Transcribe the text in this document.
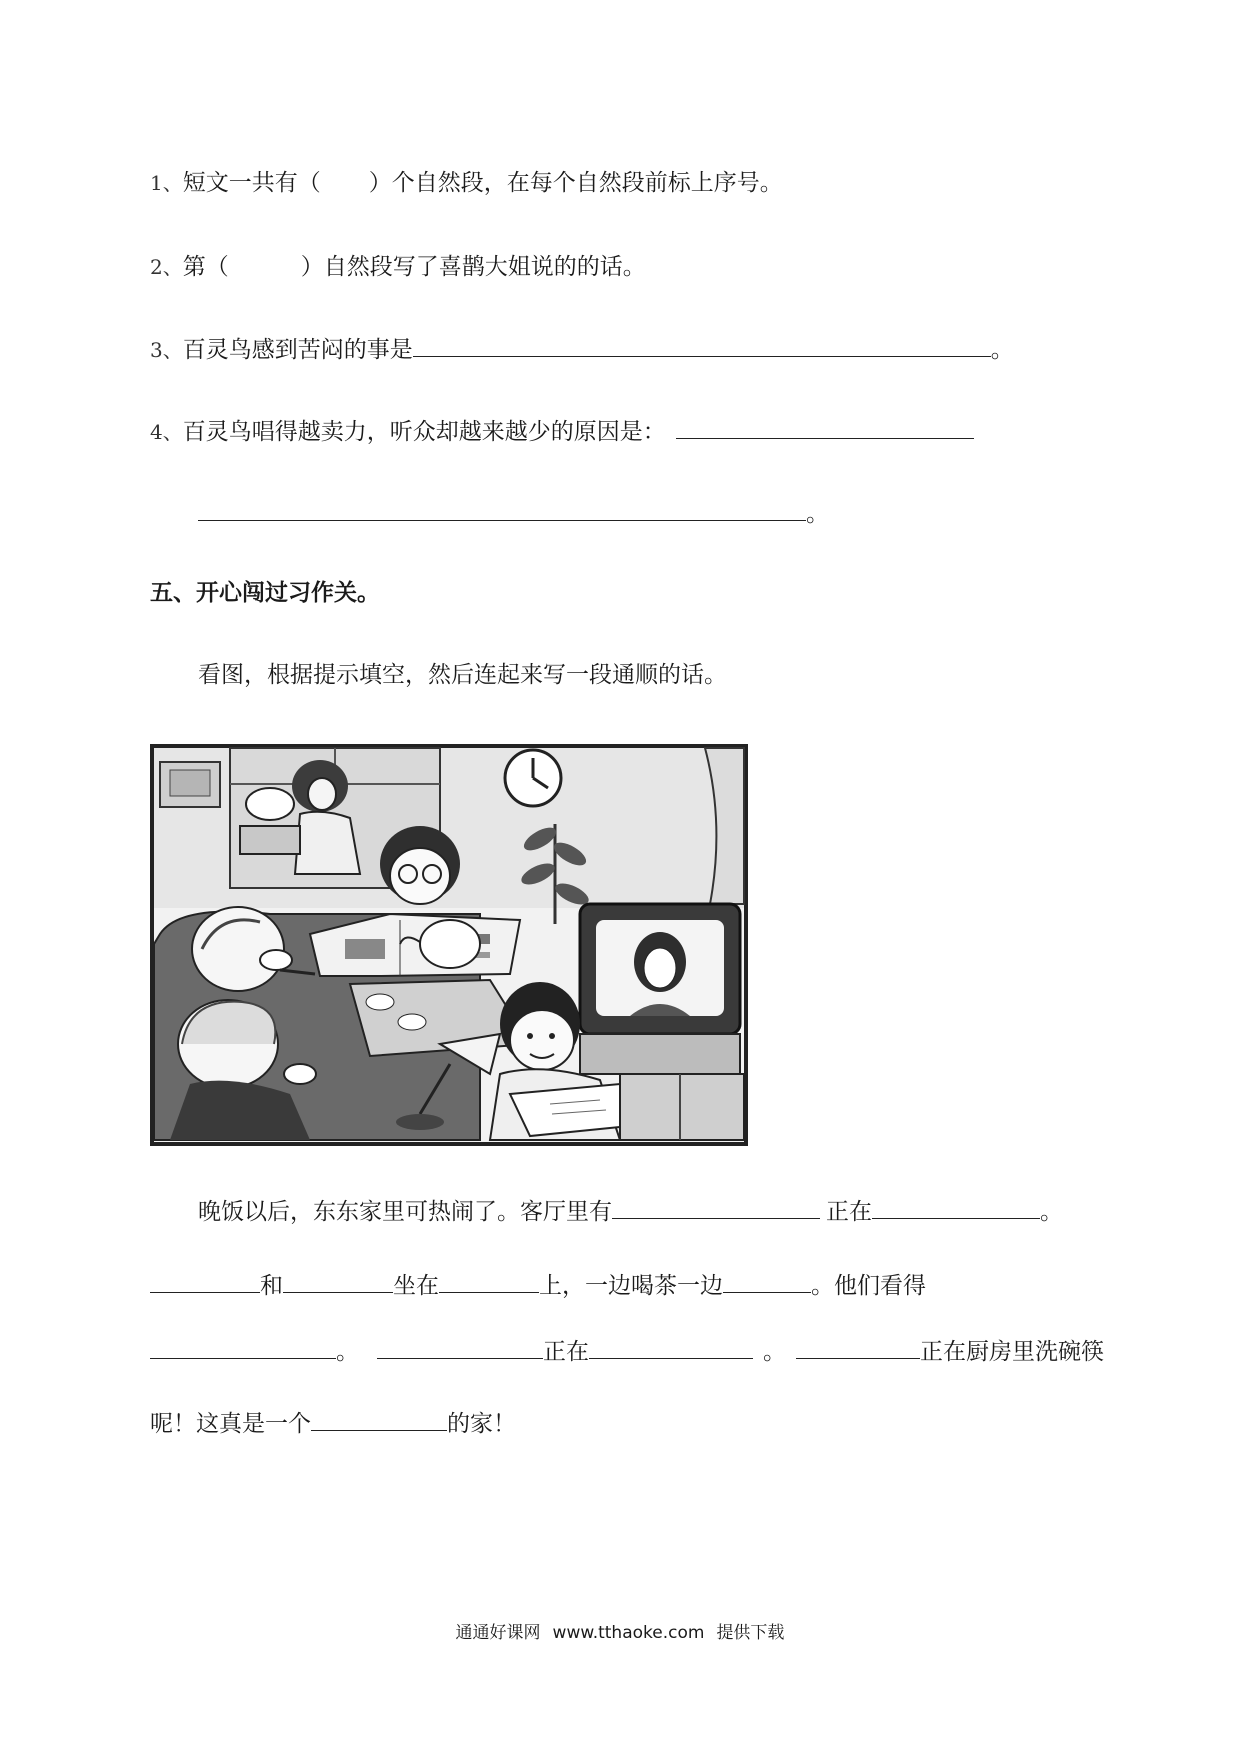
1、短文一共有（ ）个自然段，在每个自然段前标上序号。
2、第（	）自然段写了喜鹊大姐说的的话。
3、百灵鸟感到苦闷的事是	。
4、百灵鸟唱得越卖力，听众却越来越少的原因是：
。
五、开心闯过习作关。
看图，根据提示填空，然后连起来写一段通顺的话。
晚饭以后，东东家里可热闹了。客厅里有	正在	。
和	坐在	上，一边喝茶一边	。他们看得
。	正在	。	正在厨房里洗碗筷
呢！这真是一个	的家！
通通好课网 www.tthaoke.com 提供下载
